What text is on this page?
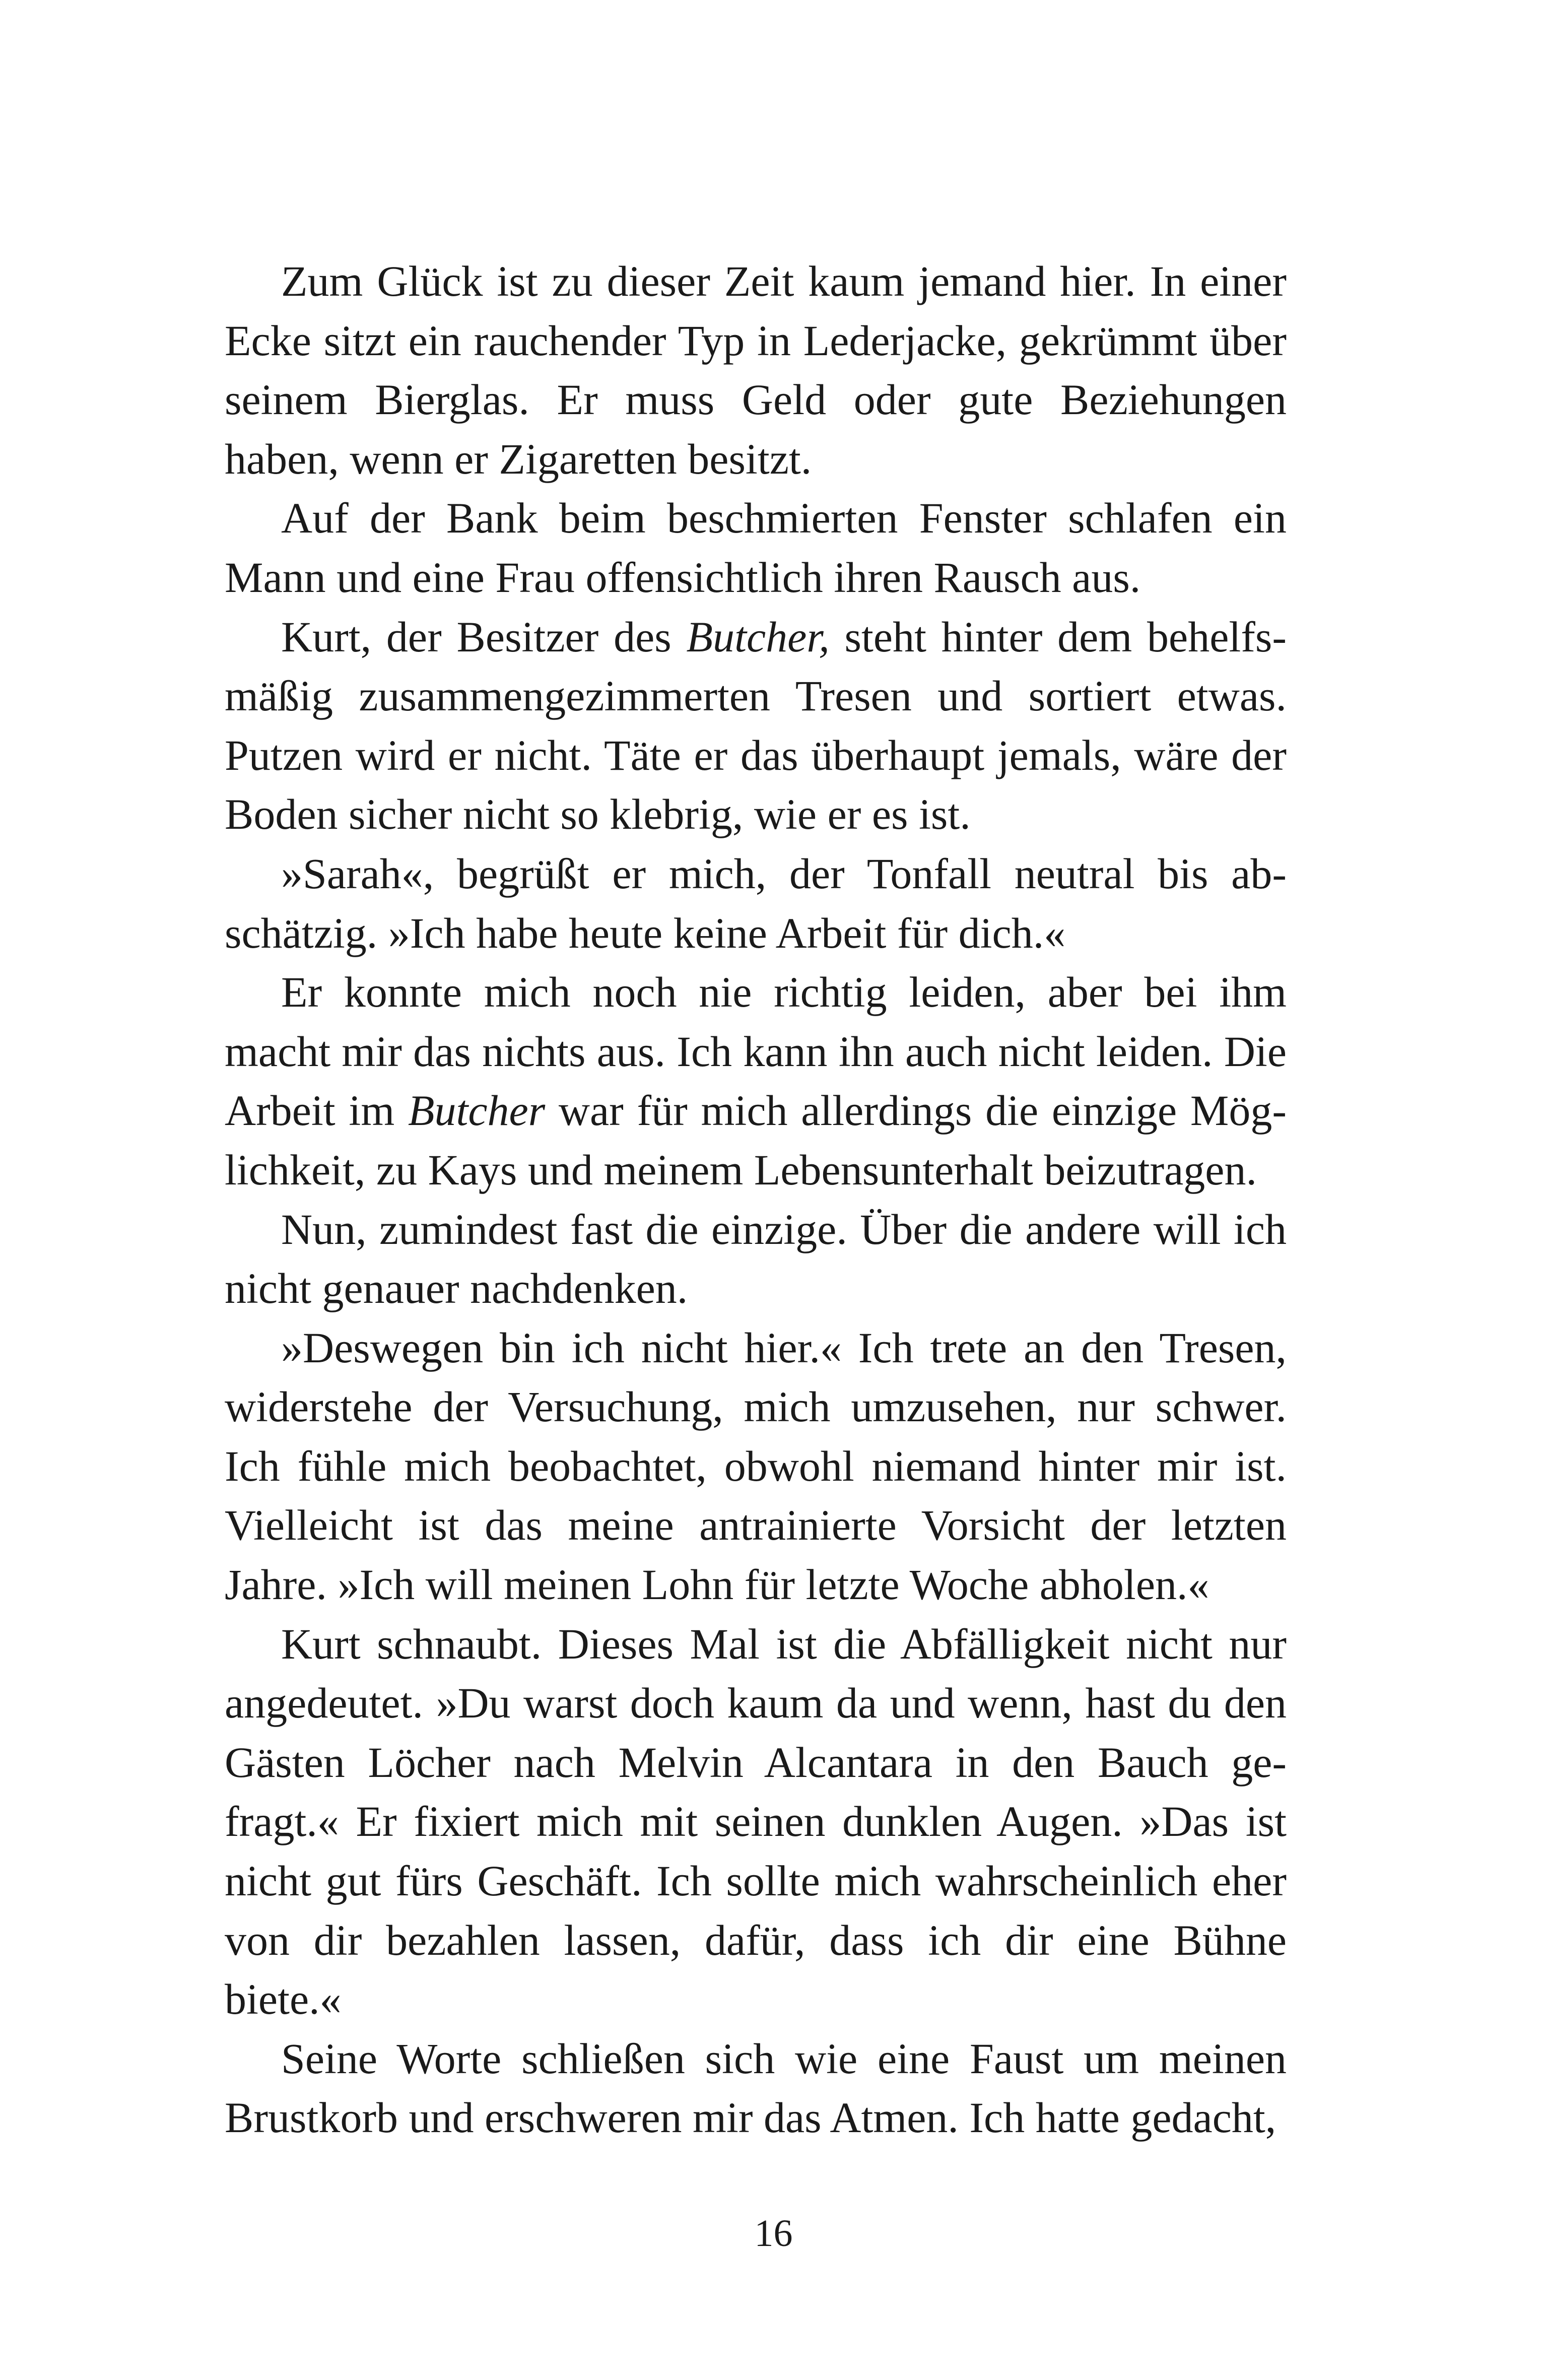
Zum Glück ist zu dieser Zeit kaum jemand hier. In einer Ecke sitzt ein rauchender Typ in Lederjacke, gekrümmt über seinem Bierglas. Er muss Geld oder gute Beziehungen haben, wenn er Zigaretten besitzt.

Auf der Bank beim beschmierten Fenster schlafen ein Mann und eine Frau offensichtlich ihren Rausch aus.

Kurt, der Besitzer des Butcher, steht hinter dem behelfsmäßig zusammengezimmerten Tresen und sortiert etwas. Putzen wird er nicht. Täte er das überhaupt jemals, wäre der Boden sicher nicht so klebrig, wie er es ist.

»Sarah«, begrüßt er mich, der Tonfall neutral bis abschätzig. »Ich habe heute keine Arbeit für dich.«

Er konnte mich noch nie richtig leiden, aber bei ihm macht mir das nichts aus. Ich kann ihn auch nicht leiden. Die Arbeit im Butcher war für mich allerdings die einzige Möglichkeit, zu Kays und meinem Lebensunterhalt beizutragen.

Nun, zumindest fast die einzige. Über die andere will ich nicht genauer nachdenken.

»Deswegen bin ich nicht hier.« Ich trete an den Tresen, widerstehe der Versuchung, mich umzusehen, nur schwer. Ich fühle mich beobachtet, obwohl niemand hinter mir ist. Vielleicht ist das meine antrainierte Vorsicht der letzten Jahre. »Ich will meinen Lohn für letzte Woche abholen.«

Kurt schnaubt. Dieses Mal ist die Abfälligkeit nicht nur angedeutet. »Du warst doch kaum da und wenn, hast du den Gästen Löcher nach Melvin Alcantara in den Bauch gefragt.« Er fixiert mich mit seinen dunklen Augen. »Das ist nicht gut fürs Geschäft. Ich sollte mich wahrscheinlich eher von dir bezahlen lassen, dafür, dass ich dir eine Bühne biete.«

Seine Worte schließen sich wie eine Faust um meinen Brustkorb und erschweren mir das Atmen. Ich hatte gedacht,

16
